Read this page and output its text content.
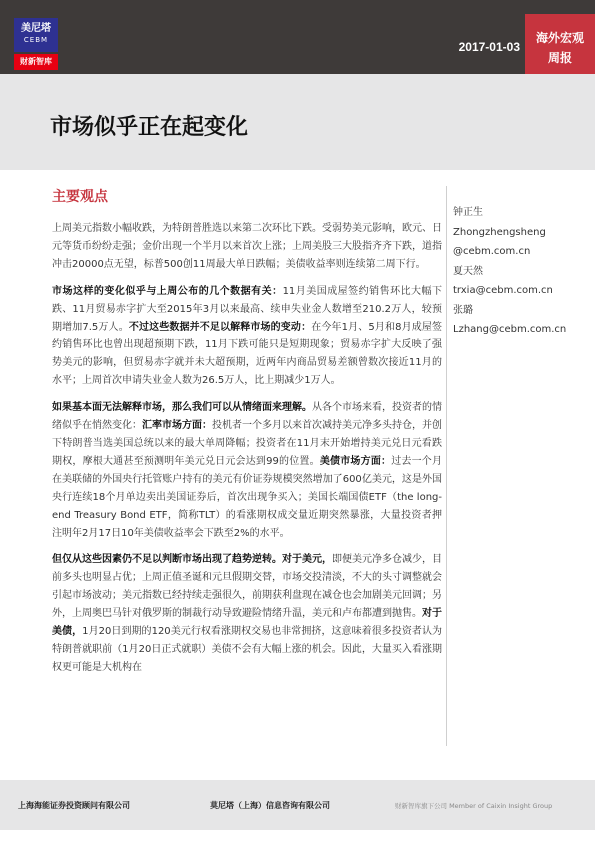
美尼塔
CEBM
财新智库
2017-01-03
海外宏观
周报
市场似乎正在起变化
主要观点

上周美元指数小幅收跌，为特朗普胜选以来第二次环比下跌。受弱势美元影响，欧元、日元等货币纷纷走强；金价出现一个半月以来首次上涨；上周美股三大股指齐齐下跌，道指冲击20000点无望，标普500创11周最大单日跌幅；美债收益率则连续第二周下行。

市场这样的变化似乎与上周公布的几个数据有关：11月美国成屋签约销售环比大幅下跌、11月贸易赤字扩大至2015年3月以来最高、续申失业金人数增至210.2万人，较预期增加7.5万人。不过这些数据并不足以解释市场的变动：在今年1月、5月和8月成屋签约销售环比也曾出现超预期下跌，11月下跌可能只是短期现象；贸易赤字扩大反映了强势美元的影响，但贸易赤字就并未大超预期，近两年内商品贸易差额曾数次接近11月的水平；上周首次申请失业金人数为26.5万人，比上期减少1万人。

如果基本面无法解释市场，那么我们可以从情绪面来理解。从各个市场来看，投资者的情绪似乎在悄然变化：汇率市场方面：投机者一个多月以来首次减持美元净多头持仓，并创下特朗普当选美国总统以来的最大单周降幅；投资者在11月末开始增持美元兑日元看跌期权，摩根大通甚至预测明年美元兑日元会达到99的位置。美债市场方面：过去一个月在美联储的外国央行托管账户持有的美元有价证券规模突然增加了600亿美元，这是外国央行连续18个月单边卖出美国证券后，首次出现争买入；美国长端国债ETF（the long-end Treasury Bond ETF，简称TLT）的看涨期权成交量近期突然暴涨，大量投资者押注明年2月17日10年美债收益率会下跌至2%的水平。

但仅从这些因素仍不足以判断市场出现了趋势逆转。对于美元，即便美元净多仓减少，目前多头也明显占优；上周正值圣诞和元旦假期交替，市场交投清淡，不大的头寸调整就会引起市场波动；美元指数已经持续走强很久，前期获利盘现在减仓也会加剧美元回调；另外，上周奥巴马针对俄罗斯的制裁行动导致避险情绪升温，美元和卢布都遭到抛售。对于美债，1月20日到期的120美元行权看涨期权交易也非常拥挤，这意味着很多投资者认为特朗普就职前（1月20日正式就职）美债不会有大幅上涨的机会。因此，大量买入看涨期权更可能是大机构在

钟正生
Zhongzhengsheng
@cebm.com.cn
夏天然
trxia@cebm.com.cn
张璐
Lzhang@cebm.com.cn
上海海能证券投资顾问有限公司	莫尼塔（上海）信息咨询有限公司	财新智库旗下公司 Member of Caixin Insight Group
